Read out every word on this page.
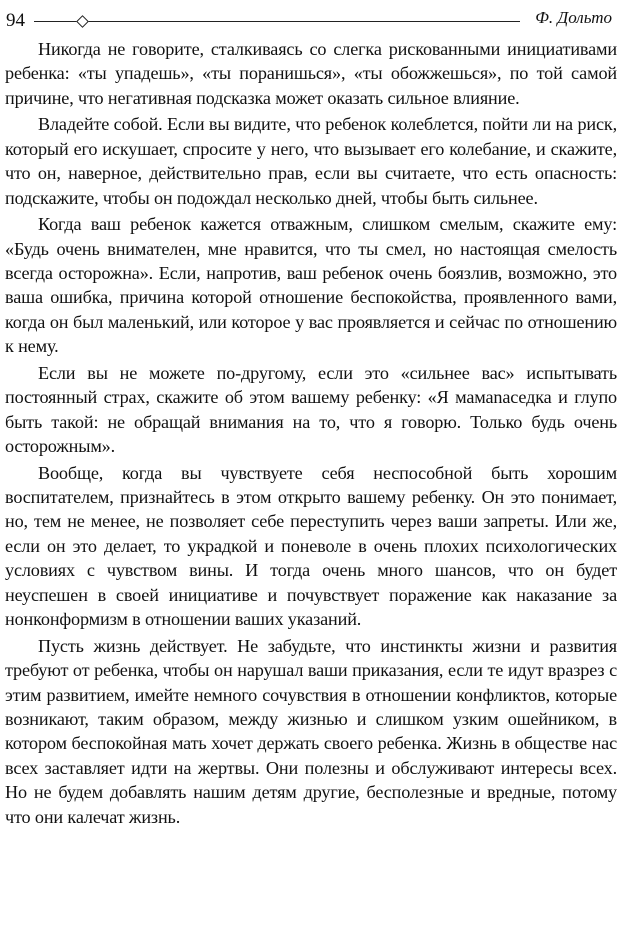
94	Ф. Дольто

Никогда не говорите, сталкиваясь со слегка рискованными инициативами ребенка: «ты упадешь», «ты поранишься», «ты обожжешься», по той самой причине, что негативная подсказка может оказать сильное влияние.

Владейте собой. Если вы видите, что ребенок колеблется, пойти ли на риск, который его искушает, спросите у него, что вызывает его колебание, и скажите, что он, наверное, действительно прав, если вы считаете, что есть опасность: подскажите, чтобы он подождал несколько дней, чтобы быть сильнее.

Когда ваш ребенок кажется отважным, слишком смелым, скажите ему: «Будь очень внимателен, мне нравится, что ты смел, но настоящая смелость всегда осторожна». Если, напротив, ваш ребенок очень боязлив, возможно, это ваша ошибка, причина которой отношение беспокойства, проявленного вами, когда он был маленький, или которое у вас проявляется и сейчас по отношению к нему.

Если вы не можете по-другому, если это «сильнее вас» испытывать постоянный страх, скажите об этом вашему ребенку: «Я мамаnаседка и глупо быть такой: не обращай внимания на то, что я говорю. Только будь очень осторожным».

Вообще, когда вы чувствуете себя неспособной быть хорошим воспитателем, признайтесь в этом открыто вашему ребенку. Он это понимает, но, тем не менее, не позволяет себе переступить через ваши запреты. Или же, если он это делает, то украдкой и поневоле в очень плохих психологических условиях с чувством вины. И тогда очень много шансов, что он будет неуспешен в своей инициативе и почувствует поражение как наказание за нонконформизм в отношении ваших указаний.

Пусть жизнь действует. Не забудьте, что инстинкты жизни и развития требуют от ребенка, чтобы он нарушал ваши приказания, если те идут вразрез с этим развитием, имейте немного сочувствия в отношении конфликтов, которые возникают, таким образом, между жизнью и слишком узким ошейником, в котором беспокойная мать хочет держать своего ребенка. Жизнь в обществе нас всех заставляет идти на жертвы. Они полезны и обслуживают интересы всех. Но не будем добавлять нашим детям другие, бесполезные и вредные, потому что они калечат жизнь.
